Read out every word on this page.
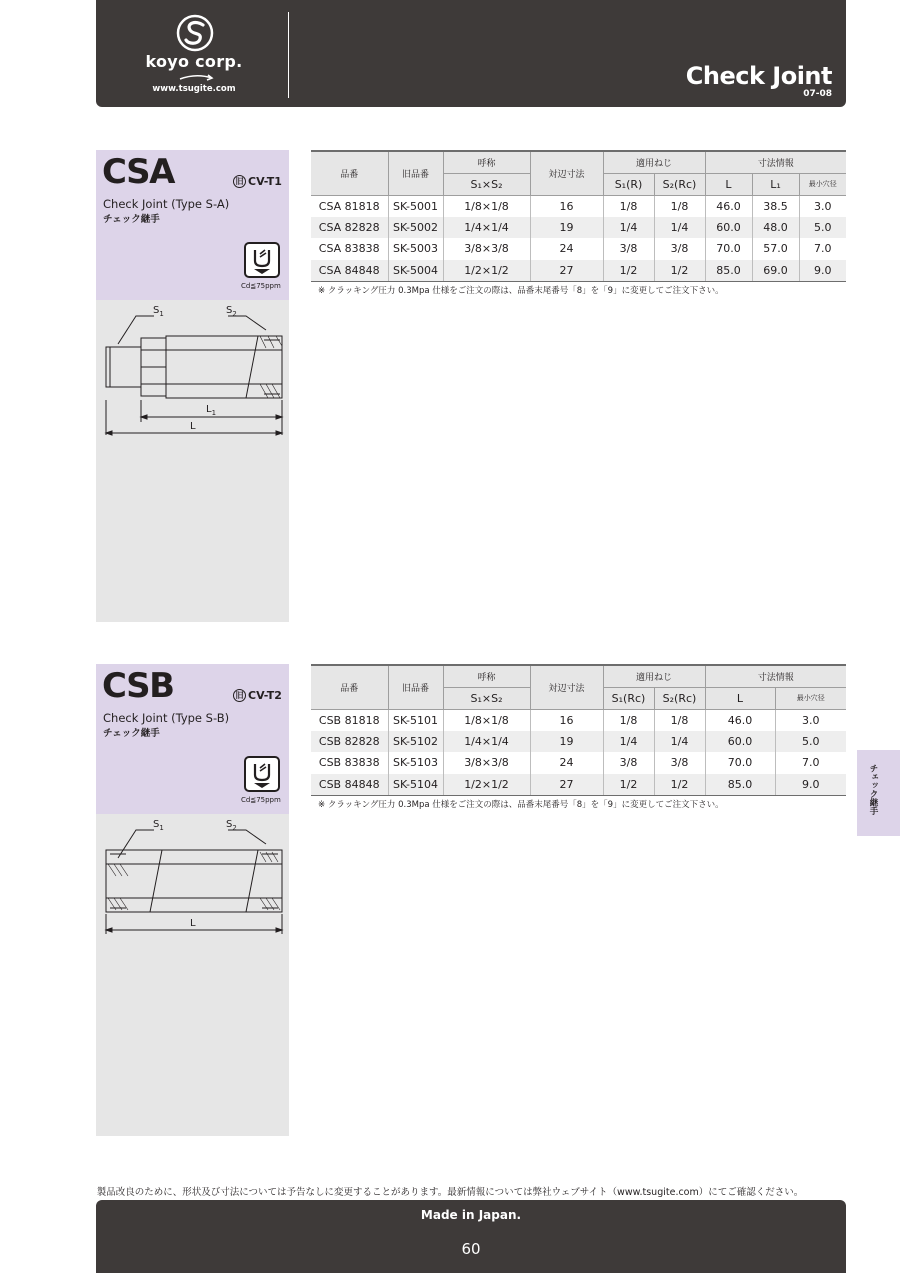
koyo corp.
www.tsugite.com	Check Joint
07-08
CSA	旧 CV-T1
Check Joint (Type S-A)
チェック継手
Cd≦75ppm
$S_1$	$S_2$
$L_1$
L
品番	旧品番	呼称	対辺寸法	適用ねじ		寸法情報		
		S₁×S₂		S₁(R)	S₂(Rc)	L	L₁	最小穴径
CSA 81818	SK-5001	1/8×1/8	16	1/8	1/8	46.0	38.5	3.0
CSA 82828	SK-5002	1/4×1/4	19	1/4	1/4	60.0	48.0	5.0
CSA 83838	SK-5003	3/8×3/8	24	3/8	3/8	70.0	57.0	7.0
CSA 84848	SK-5004	1/2×1/2	27	1/2	1/2	85.0	69.0	9.0
※ クラッキング圧力 0.3Mpa 仕様をご注文の際は、品番末尾番号「8」を「9」に変更してご注文下さい。
CSB	旧 CV-T2
Check Joint (Type S-B)
チェック継手
Cd≦75ppm
$S_1$	$S_2$
L
品番	旧品番	呼称	対辺寸法	適用ねじ		寸法情報	
		S₁×S₂		S₁(Rc)	S₂(Rc)	L	最小穴径
CSB 81818	SK-5101	1/8×1/8	16	1/8	1/8	46.0	3.0
CSB 82828	SK-5102	1/4×1/4	19	1/4	1/4	60.0	5.0
CSB 83838	SK-5103	3/8×3/8	24	3/8	3/8	70.0	7.0
CSB 84848	SK-5104	1/2×1/2	27	1/2	1/2	85.0	9.0
※ クラッキング圧力 0.3Mpa 仕様をご注文の際は、品番末尾番号「8」を「9」に変更してご注文下さい。	チェック継手
製品改良のために、形状及び寸法については予告なしに変更することがあります。最新情報については弊社ウェブサイト（www.tsugite.com）にてご確認ください。
Made in Japan.
60
